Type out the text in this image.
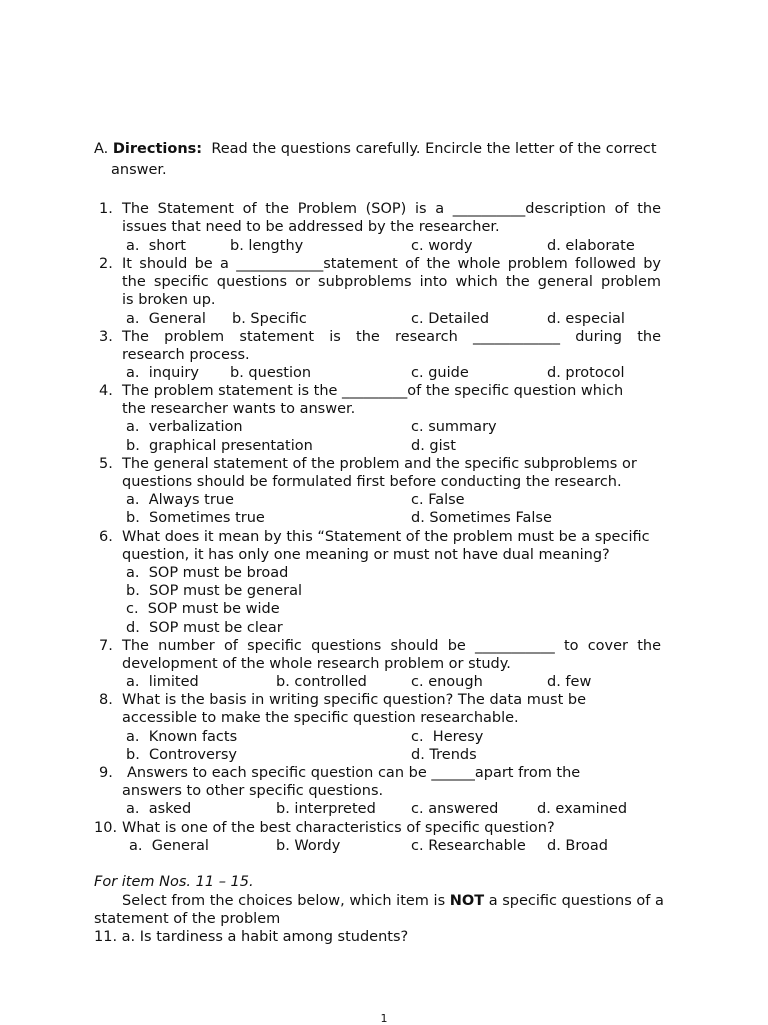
A. Directions: Read the questions carefully. Encircle the letter of the correct
answer.
1. The Statement of the Problem (SOP) is a __________description of the
issues that need to be addressed by the researcher.
a.  short	b. lengthy	c. wordy	d. elaborate
2. It should be a ____________statement of the whole problem followed by
the specific questions or subproblems into which the general problem
is broken up.
a.  General b. Specific	c. Detailed	d. especial
3. The problem statement is the research ____________ during the
research process.
a.  inquiry b. question	c. guide	d. protocol
4. The problem statement is the _________of the specific question which
the researcher wants to answer.
a.  verbalization	c. summary
b.  graphical presentation	d. gist
5. The general statement of the problem and the specific subproblems or
questions should be formulated first before conducting the research.
a.  Always true	c. False
b.  Sometimes true	d. Sometimes False
6. What does it mean by this “Statement of the problem must be a specific
question, it has only one meaning or must not have dual meaning?
a.  SOP must be broad
b.  SOP must be general
c.  SOP must be wide
d.  SOP must be clear
7. The number of specific questions should be ___________ to cover the
development of the whole research problem or study.
a.  limited	b. controlled	c. enough	d. few
8. What is the basis in writing specific question? The data must be
accessible to make the specific question researchable.
a.  Known facts	c.  Heresy
b.  Controversy	d. Trends
9. Answers to each specific question can be ______apart from the
answers to other specific questions.
a.  asked	b. interpreted c. answered	d. examined
10. What is one of the best characteristics of specific question?
a.  General	b. Wordy	c. Researchable d. Broad
For item Nos. 11 – 15.
Select from the choices below, which item is NOT a specific questions of a
statement of the problem
11. a. Is tardiness a habit among students?
1
